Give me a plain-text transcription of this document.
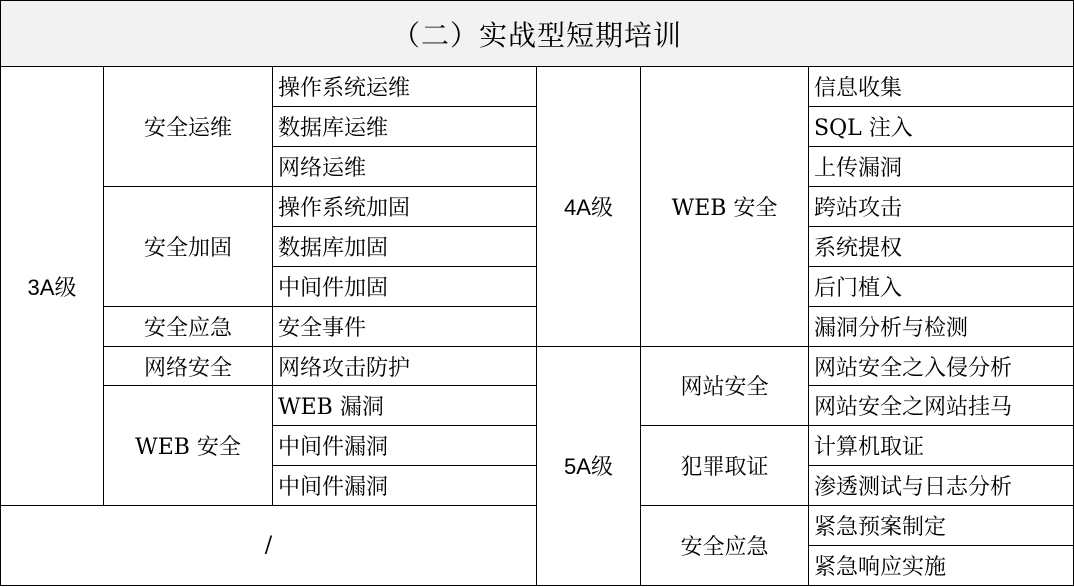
（二）实战型短期培训					
3A级	安全运维	操作系统运维	4A级	WEB 安全	信息收集
		数据库运维			SQL 注入
		网络运维			上传漏洞
	安全加固	操作系统加固			跨站攻击
		数据库加固			系统提权
		中间件加固			后门植入
	安全应急	安全事件			漏洞分析与检测
	网络安全	网络攻击防护	5A级	网站安全	网站安全之入侵分析
	WEB 安全	WEB 漏洞			网站安全之网站挂马
		中间件漏洞		犯罪取证	计算机取证
		中间件漏洞			渗透测试与日志分析
/				安全应急	紧急预案制定
					紧急响应实施
